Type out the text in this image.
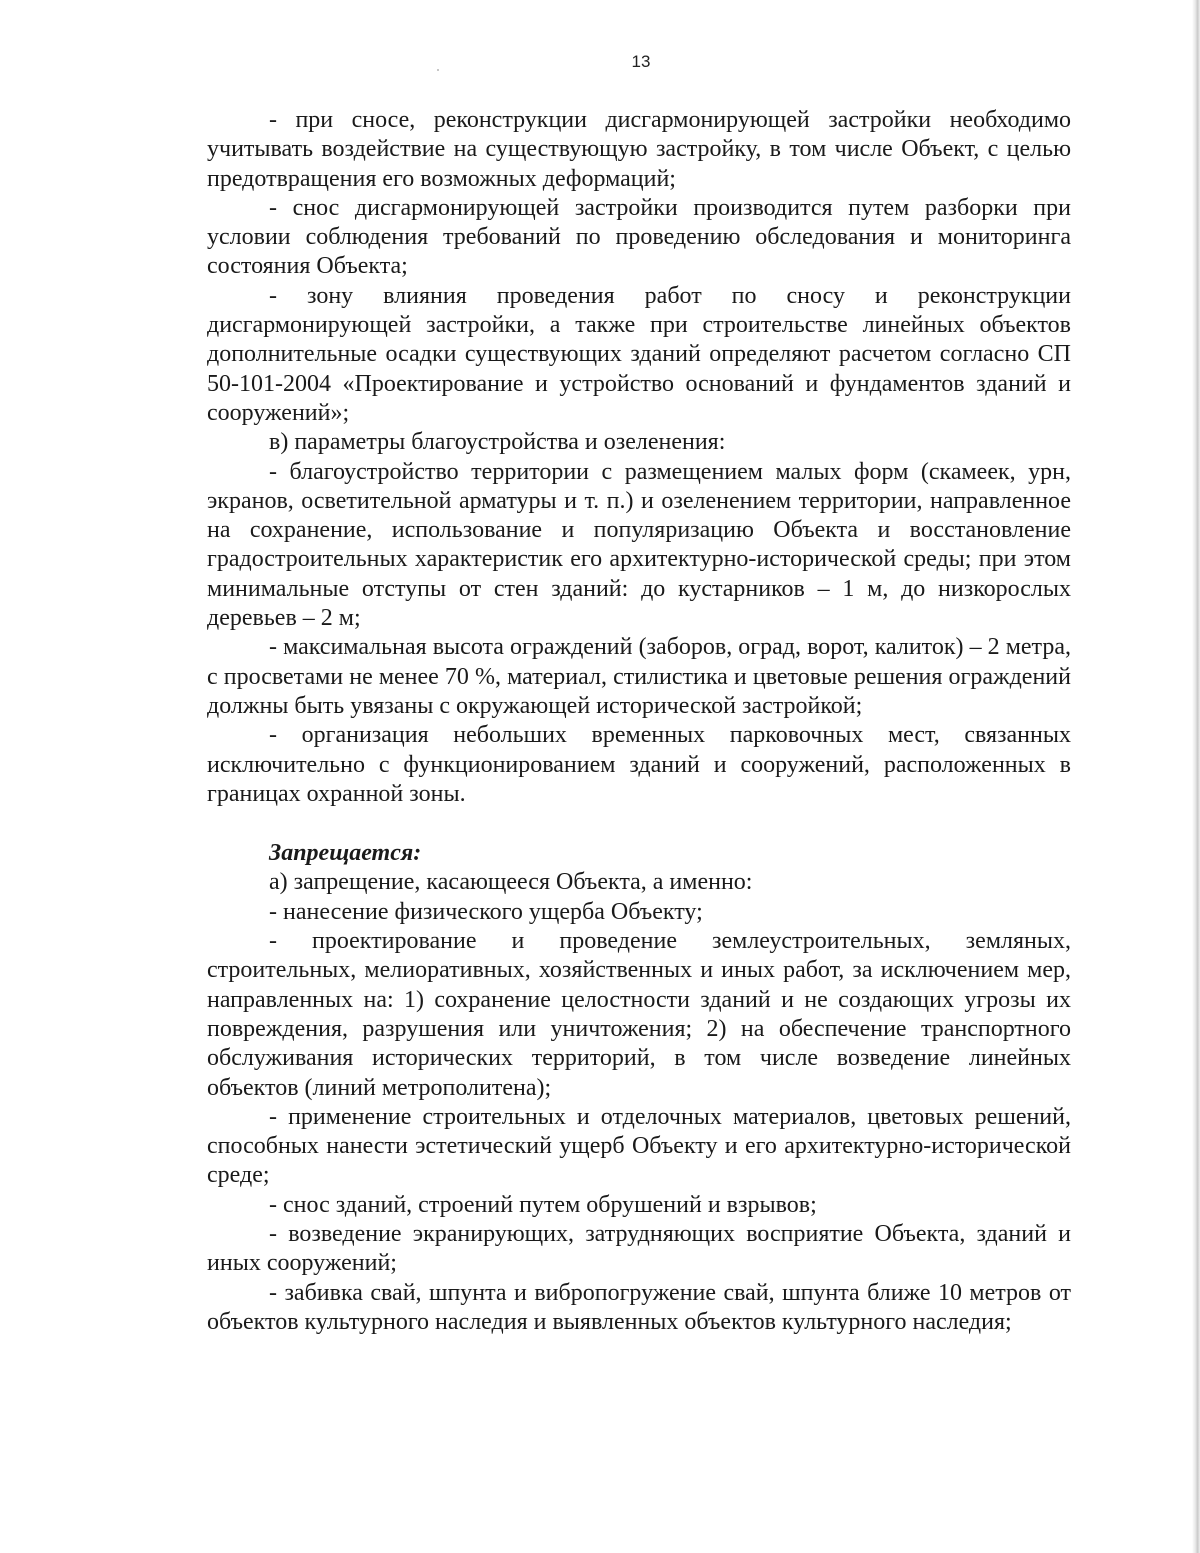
13

- при сносе, реконструкции дисгармонирующей застройки необходимо учитывать воздействие на существующую застройку, в том числе Объект, с целью предотвращения его возможных деформаций;

- снос дисгармонирующей застройки производится путем разборки при условии соблюдения требований по проведению обследования и мониторинга состояния Объекта;

- зону влияния проведения работ по сносу и реконструкции дисгармонирующей застройки, а также при строительстве линейных объектов дополнительные осадки существующих зданий определяют расчетом согласно СП 50-101-2004 «Проектирование и устройство оснований и фундаментов зданий и сооружений»;

в) параметры благоустройства и озеленения:

- благоустройство территории с размещением малых форм (скамеек, урн, экранов, осветительной арматуры и т. п.) и озеленением территории, направленное на сохранение, использование и популяризацию Объекта и восстановление градостроительных характеристик его архитектурно-исторической среды; при этом минимальные отступы от стен зданий: до кустарников – 1 м, до низкорослых деревьев – 2 м;

- максимальная высота ограждений (заборов, оград, ворот, калиток) – 2 метра, с просветами не менее 70 %, материал, стилистика и цветовые решения ограждений должны быть увязаны с окружающей исторической застройкой;

- организация небольших временных парковочных мест, связанных исключительно с функционированием зданий и сооружений, расположенных в границах охранной зоны.

Запрещается:

а) запрещение, касающееся Объекта, а именно:

- нанесение физического ущерба Объекту;

- проектирование и проведение землеустроительных, земляных, строительных, мелиоративных, хозяйственных и иных работ, за исключением мер, направленных на: 1) сохранение целостности зданий и не создающих угрозы их повреждения, разрушения или уничтожения; 2) на обеспечение транспортного обслуживания исторических территорий, в том числе возведение линейных объектов (линий метрополитена);

- применение строительных и отделочных материалов, цветовых решений, способных нанести эстетический ущерб Объекту и его архитектурно-исторической среде;

- снос зданий, строений путем обрушений и взрывов;

- возведение экранирующих, затрудняющих восприятие Объекта, зданий и иных сооружений;

- забивка свай, шпунта и вибропогружение свай, шпунта ближе 10 метров от объектов культурного наследия и выявленных объектов культурного наследия;
